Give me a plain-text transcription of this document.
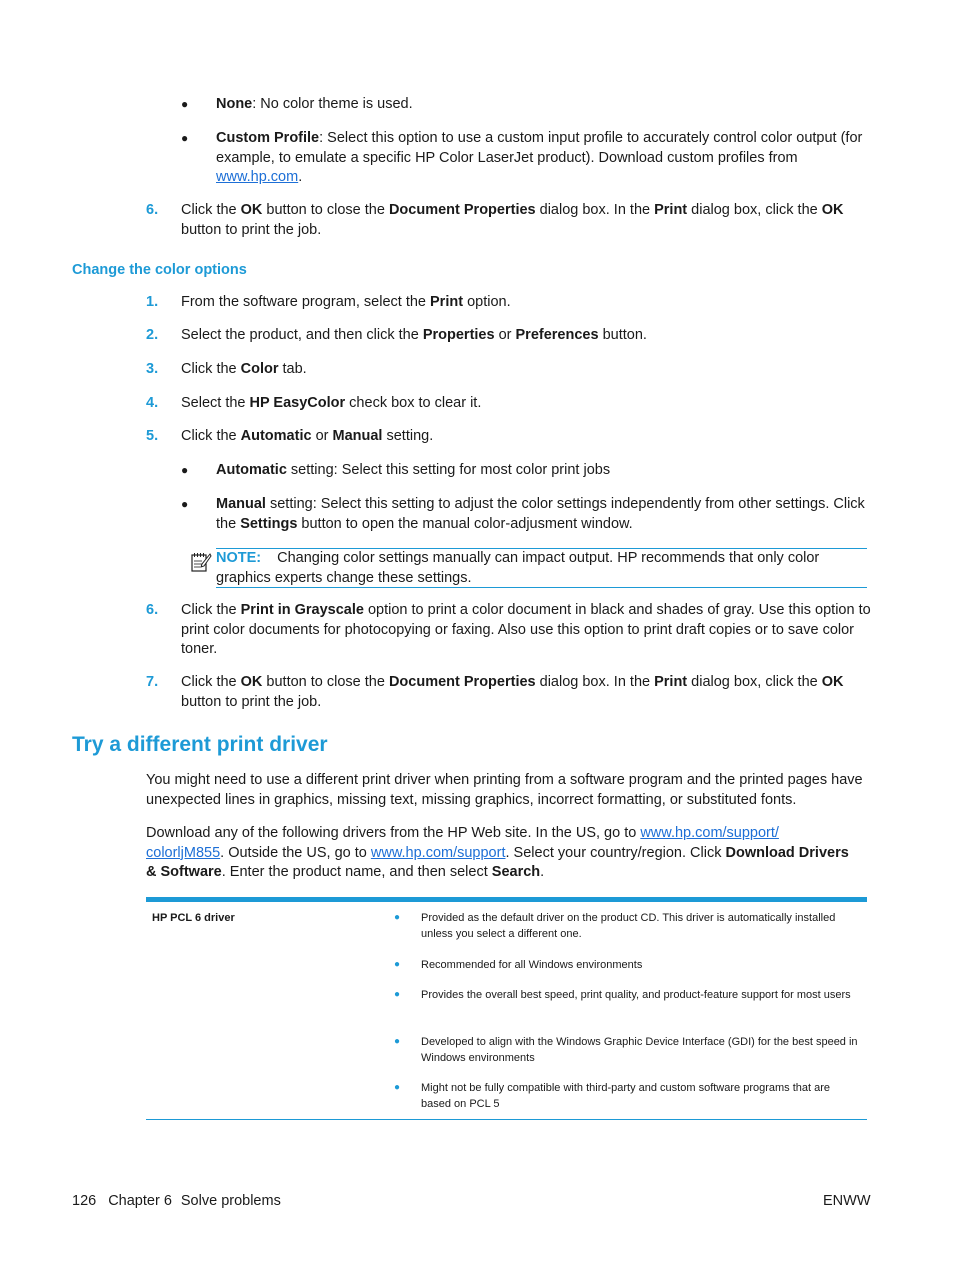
● None: No color theme is used.
● Custom Profile: Select this option to use a custom input profile to accurately control color output (for example, to emulate a specific HP Color LaserJet product). Download custom profiles from www.hp.com.
6. Click the OK button to close the Document Properties dialog box. In the Print dialog box, click the OK button to print the job.
Change the color options
1. From the software program, select the Print option.
2. Select the product, and then click the Properties or Preferences button.
3. Click the Color tab.
4. Select the HP EasyColor check box to clear it.
5. Click the Automatic or Manual setting.
● Automatic setting: Select this setting for most color print jobs
● Manual setting: Select this setting to adjust the color settings independently from other settings. Click the Settings button to open the manual color-adjusment window.
NOTE: Changing color settings manually can impact output. HP recommends that only color graphics experts change these settings.
6. Click the Print in Grayscale option to print a color document in black and shades of gray. Use this option to print color documents for photocopying or faxing. Also use this option to print draft copies or to save color toner.
7. Click the OK button to close the Document Properties dialog box. In the Print dialog box, click the OK button to print the job.
Try a different print driver
You might need to use a different print driver when printing from a software program and the printed pages have unexpected lines in graphics, missing text, missing graphics, incorrect formatting, or substituted fonts.
Download any of the following drivers from the HP Web site. In the US, go to www.hp.com/support/
colorljM855. Outside the US, go to www.hp.com/support. Select your country/region. Click Download Drivers
& Software. Enter the product name, and then select Search.
HP PCL 6 driver	● Provided as the default driver on the product CD. This driver is automatically installed unless you select a different one.
● Recommended for all Windows environments
● Provides the overall best speed, print quality, and product-feature support for most users
● Developed to align with the Windows Graphic Device Interface (GDI) for the best speed in Windows environments
● Might not be fully compatible with third-party and custom software programs that are based on PCL 5
126 Chapter 6 Solve problems	ENWW
